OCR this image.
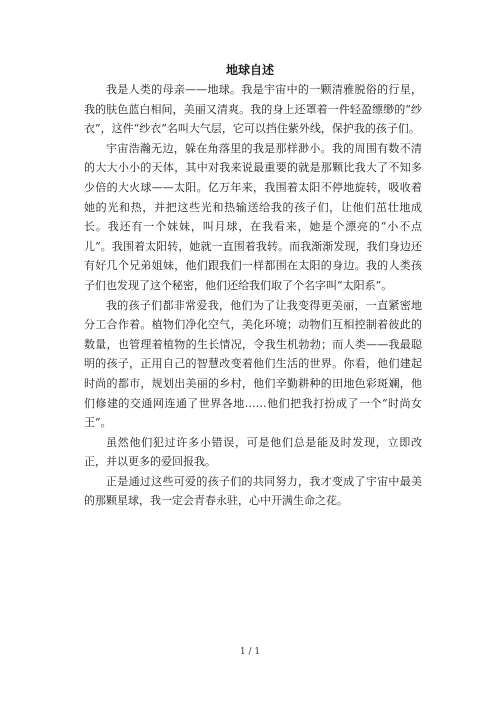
地球自述

我是人类的母亲——地球。我是宇宙中的一颗清雅脱俗的行星，我的肤色蓝白相间，美丽又清爽。我的身上还罩着一件轻盈缥缈的“纱衣”，这件“纱衣”名叫大气层，它可以挡住紫外线，保护我的孩子们。

宇宙浩瀚无边，躲在角落里的我是那样渺小。我的周围有数不清的大大小小的天体，其中对我来说最重要的就是那颗比我大了不知多少倍的大火球——太阳。亿万年来，我围着太阳不停地旋转，吸收着她的光和热，并把这些光和热输送给我的孩子们，让他们茁壮地成长。我还有一个妹妹，叫月球，在我看来，她是个漂亮的“小不点儿”。我围着太阳转，她就一直围着我转。而我渐渐发现，我们身边还有好几个兄弟姐妹，他们跟我们一样都围在太阳的身边。我的人类孩子们也发现了这个秘密，他们还给我们取了个名字叫“太阳系”。

我的孩子们都非常爱我，他们为了让我变得更美丽，一直紧密地分工合作着。植物们净化空气，美化环境；动物们互相控制着彼此的数量，也管理着植物的生长情况，令我生机勃勃；而人类——我最聪明的孩子，正用自己的智慧改变着他们生活的世界。你看，他们建起时尚的都市，规划出美丽的乡村，他们辛勤耕种的田地色彩斑斓，他们修建的交通网连通了世界各地……他们把我打扮成了一个“时尚女王”。

虽然他们犯过许多小错误，可是他们总是能及时发现，立即改正，并以更多的爱回报我。

正是通过这些可爱的孩子们的共同努力，我才变成了宇宙中最美的那颗星球，我一定会青春永驻，心中开满生命之花。

1 / 1
